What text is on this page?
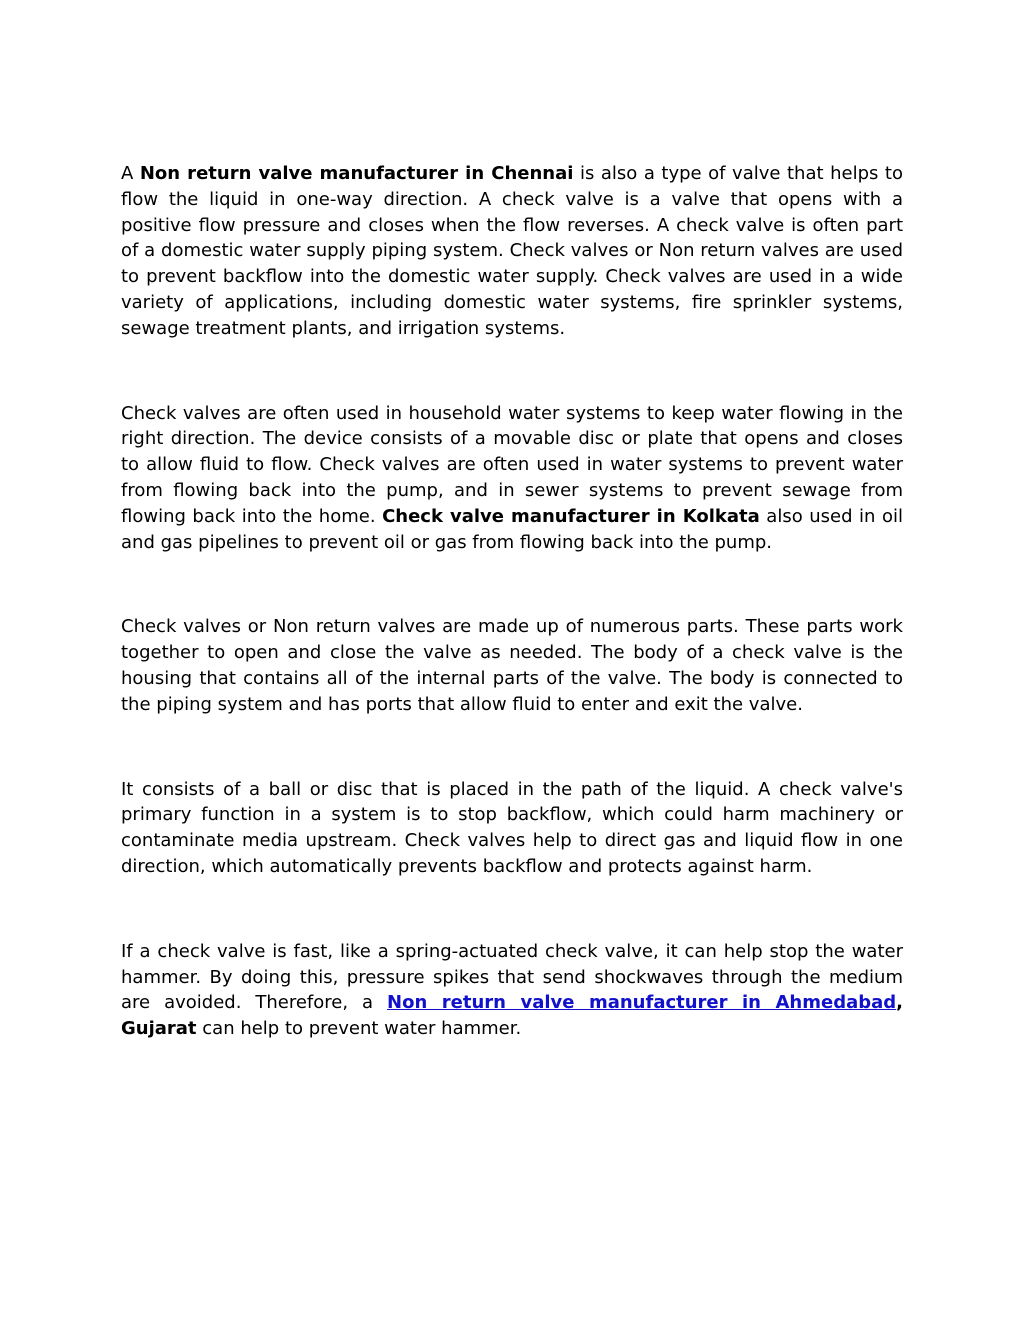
A Non return valve manufacturer in Chennai is also a type of valve that helps to flow the liquid in one-way direction. A check valve is a valve that opens with a positive flow pressure and closes when the flow reverses. A check valve is often part of a domestic water supply piping system. Check valves or Non return valves are used to prevent backflow into the domestic water supply. Check valves are used in a wide variety of applications, including domestic water systems, fire sprinkler systems, sewage treatment plants, and irrigation systems.

Check valves are often used in household water systems to keep water flowing in the right direction. The device consists of a movable disc or plate that opens and closes to allow fluid to flow. Check valves are often used in water systems to prevent water from flowing back into the pump, and in sewer systems to prevent sewage from flowing back into the home. Check valve manufacturer in Kolkata also used in oil and gas pipelines to prevent oil or gas from flowing back into the pump.

Check valves or Non return valves are made up of numerous parts. These parts work together to open and close the valve as needed. The body of a check valve is the housing that contains all of the internal parts of the valve. The body is connected to the piping system and has ports that allow fluid to enter and exit the valve.

It consists of a ball or disc that is placed in the path of the liquid. A check valve's primary function in a system is to stop backflow, which could harm machinery or contaminate media upstream. Check valves help to direct gas and liquid flow in one direction, which automatically prevents backflow and protects against harm.

If a check valve is fast, like a spring-actuated check valve, it can help stop the water hammer. By doing this, pressure spikes that send shockwaves through the medium are avoided. Therefore, a Non return valve manufacturer in Ahmedabad, Gujarat can help to prevent water hammer.
